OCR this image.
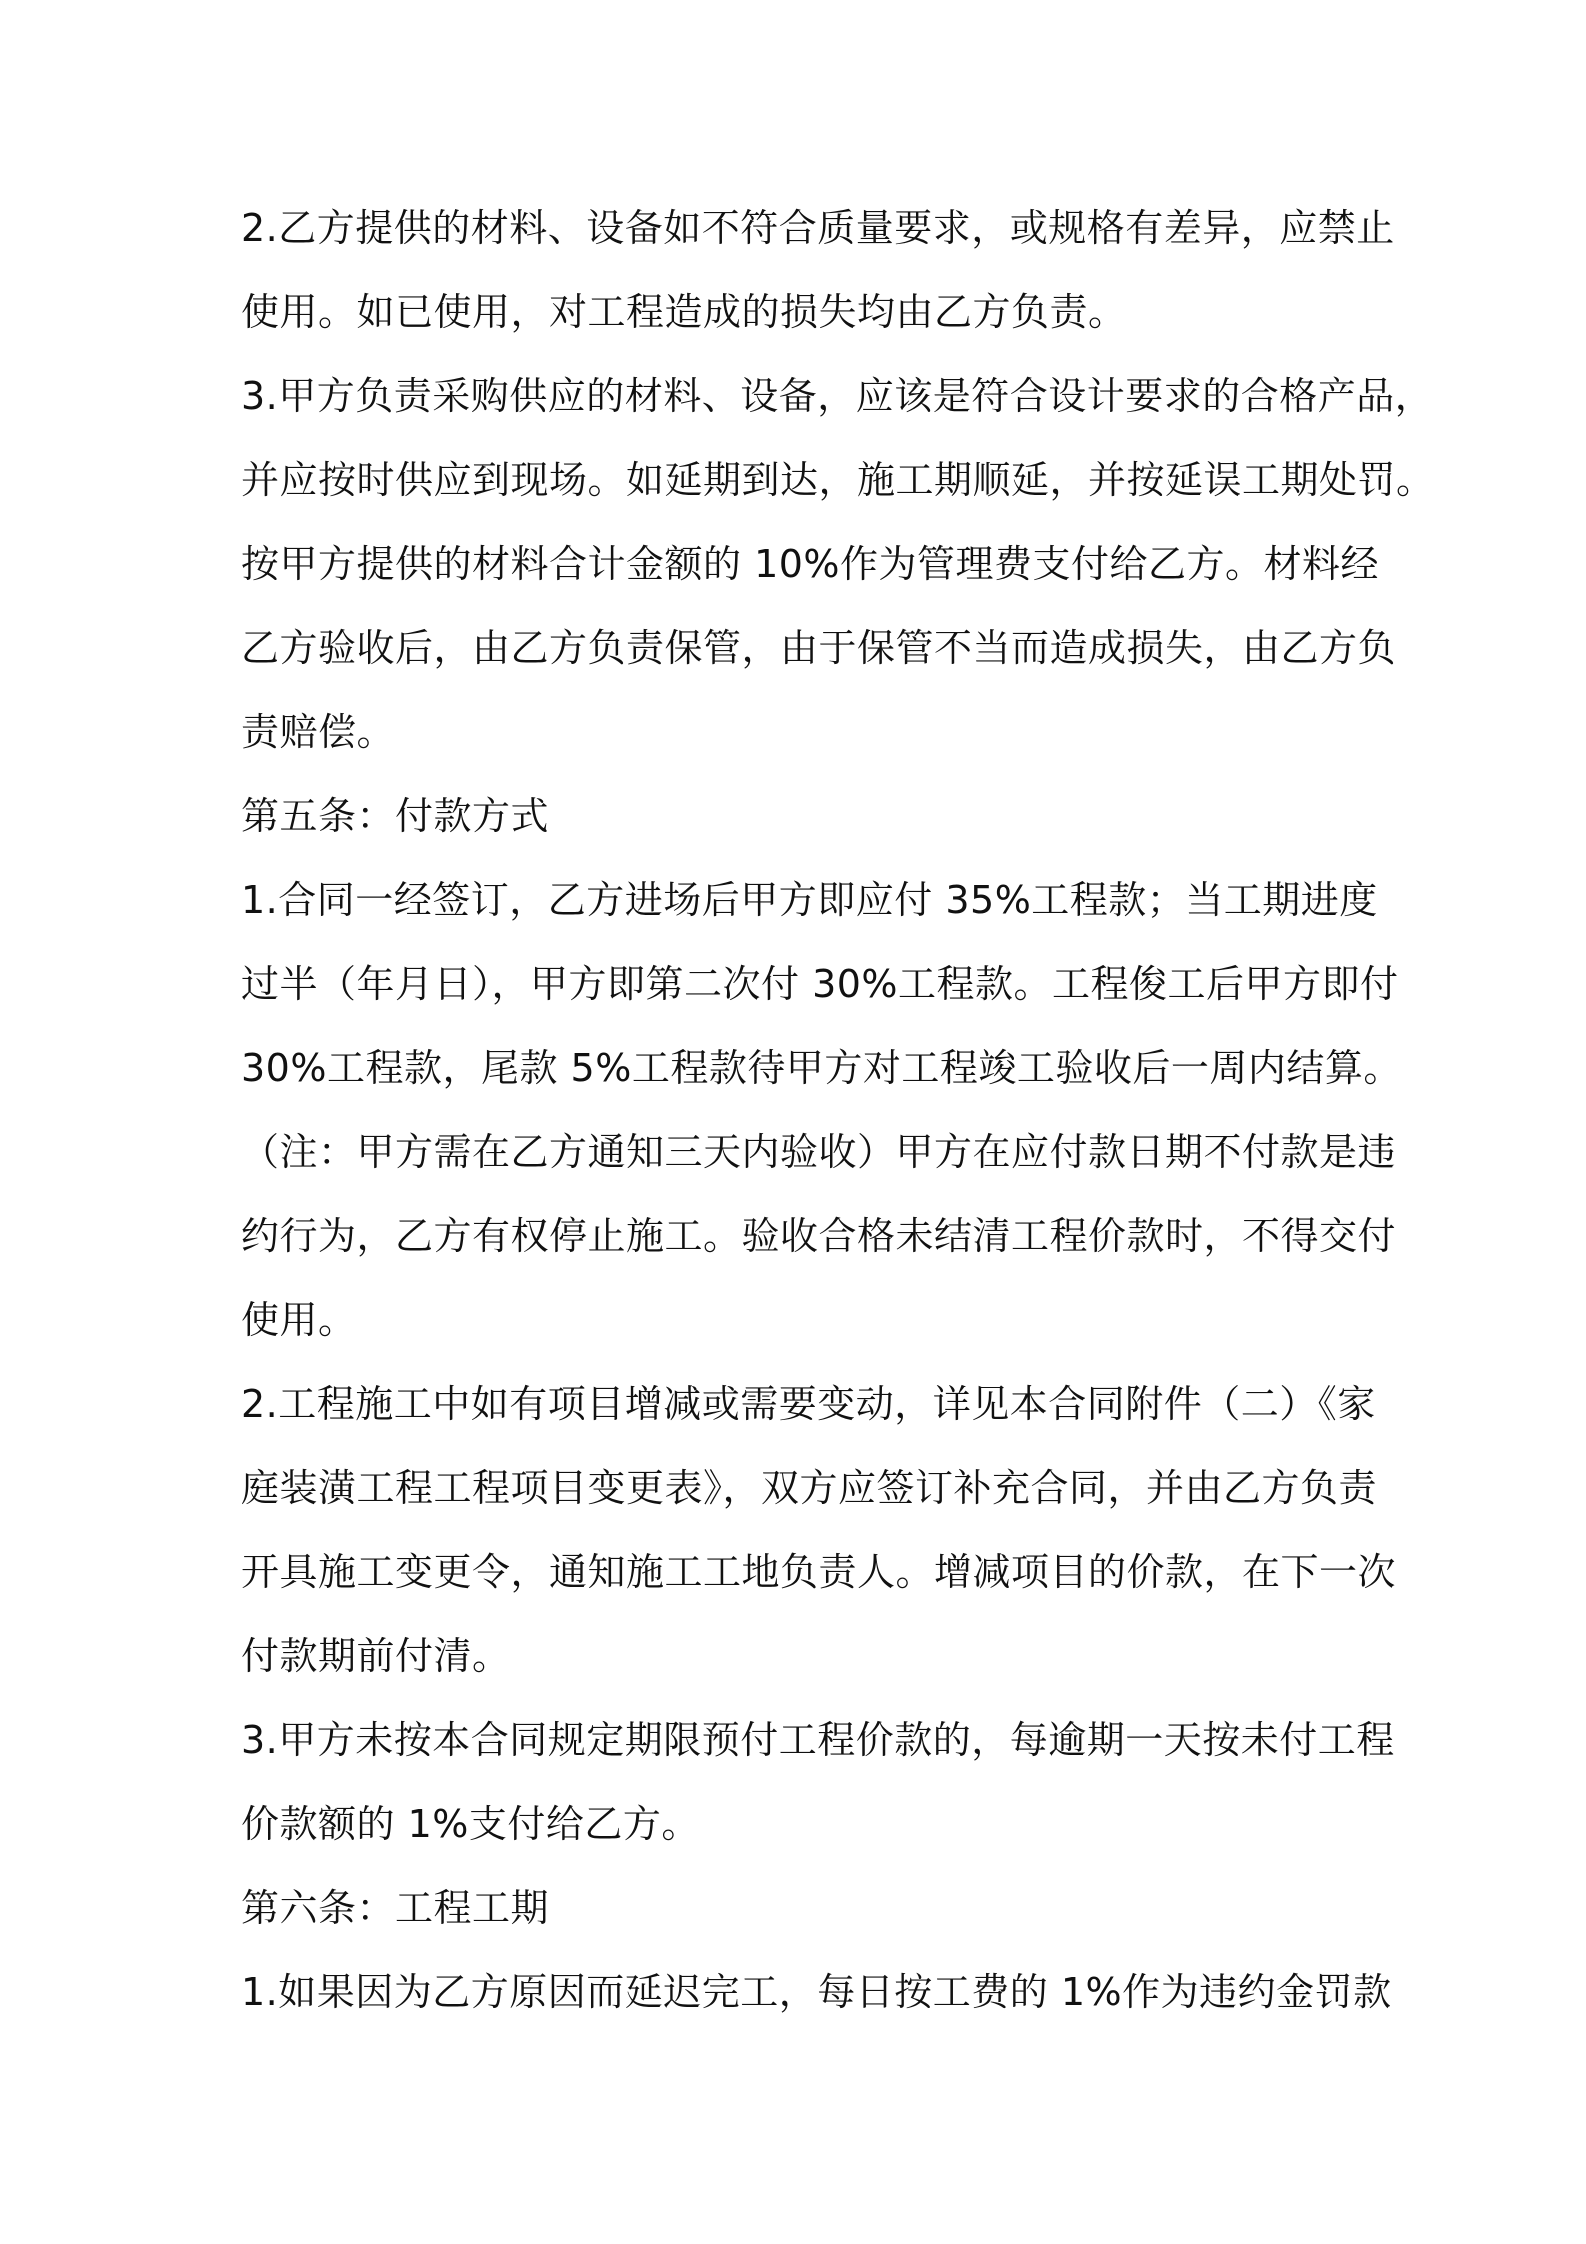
2.乙方提供的材料、设备如不符合质量要求，或规格有差异，应禁止
使用。如已使用，对工程造成的损失均由乙方负责。
3.甲方负责采购供应的材料、设备，应该是符合设计要求的合格产品，
并应按时供应到现场。如延期到达，施工期顺延，并按延误工期处罚。
按甲方提供的材料合计金额的 10%作为管理费支付给乙方。材料经
乙方验收后，由乙方负责保管，由于保管不当而造成损失，由乙方负
责赔偿。
第五条：付款方式
1.合同一经签订，乙方进场后甲方即应付 35%工程款；当工期进度
过半（年月日），甲方即第二次付 30%工程款。工程俊工后甲方即付
30%工程款，尾款 5%工程款待甲方对工程竣工验收后一周内结算。
（注：甲方需在乙方通知三天内验收）甲方在应付款日期不付款是违
约行为，乙方有权停止施工。验收合格未结清工程价款时，不得交付
使用。
2.工程施工中如有项目增减或需要变动，详见本合同附件（二）《家
庭装潢工程工程项目变更表》，双方应签订补充合同，并由乙方负责
开具施工变更令，通知施工工地负责人。增减项目的价款，在下一次
付款期前付清。
3.甲方未按本合同规定期限预付工程价款的，每逾期一天按未付工程
价款额的 1%支付给乙方。
第六条：工程工期
1.如果因为乙方原因而延迟完工，每日按工费的 1%作为违约金罚款
